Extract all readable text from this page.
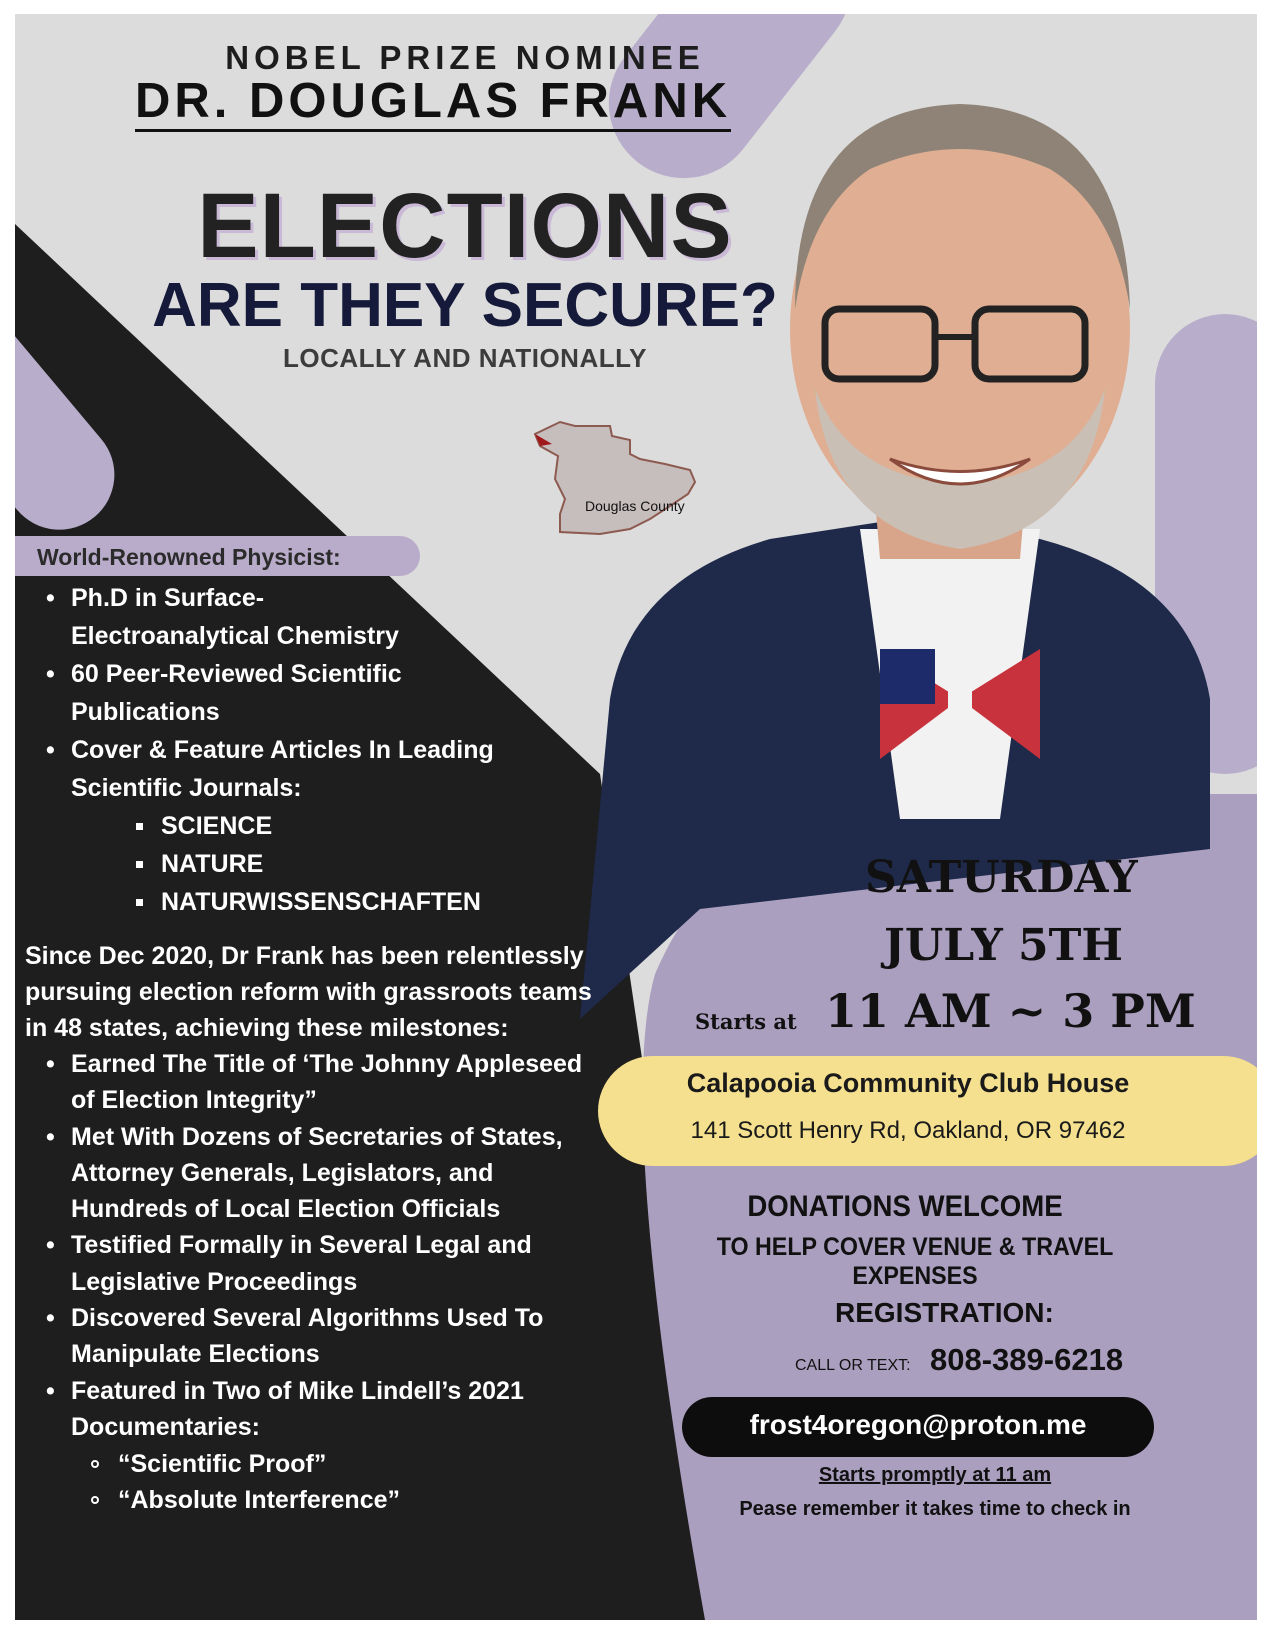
NOBEL PRIZE NOMINEE
DR. DOUGLAS FRANK
ELECTIONS
ARE THEY SECURE?
LOCALLY AND NATIONALLY
Douglas County
World-Renowned Physicist:
• Ph.D in Surface-
Electroanalytical Chemistry
• 60 Peer-Reviewed Scientific
Publications
• Cover & Feature Articles In Leading
Scientific Journals:
SCIENCE
NATURE
NATURWISSENSCHAFTEN
Since Dec 2020, Dr Frank has been relentlessly
pursuing election reform with grassroots teams
in 48 states, achieving these milestones:
• Earned The Title of ‘The Johnny Appleseed
of Election Integrity”
• Met With Dozens of Secretaries of States,
Attorney Generals, Legislators, and
Hundreds of Local Election Officials
• Testified Formally in Several Legal and
Legislative Proceedings
• Discovered Several Algorithms Used To
Manipulate Elections
• Featured in Two of Mike Lindell’s 2021
Documentaries:
“Scientific Proof”
“Absolute Interference”
SATURDAY
JULY 5TH
Starts at 11 AM ~ 3 PM
Calapooia Community Club House
141 Scott Henry Rd, Oakland, OR 97462
DONATIONS WELCOME
TO HELP COVER VENUE & TRAVEL EXPENSES
REGISTRATION:
CALL OR TEXT: 808-389-6218
frost4oregon@proton.me
Starts promptly at 11 am
Pease remember it takes time to check in
